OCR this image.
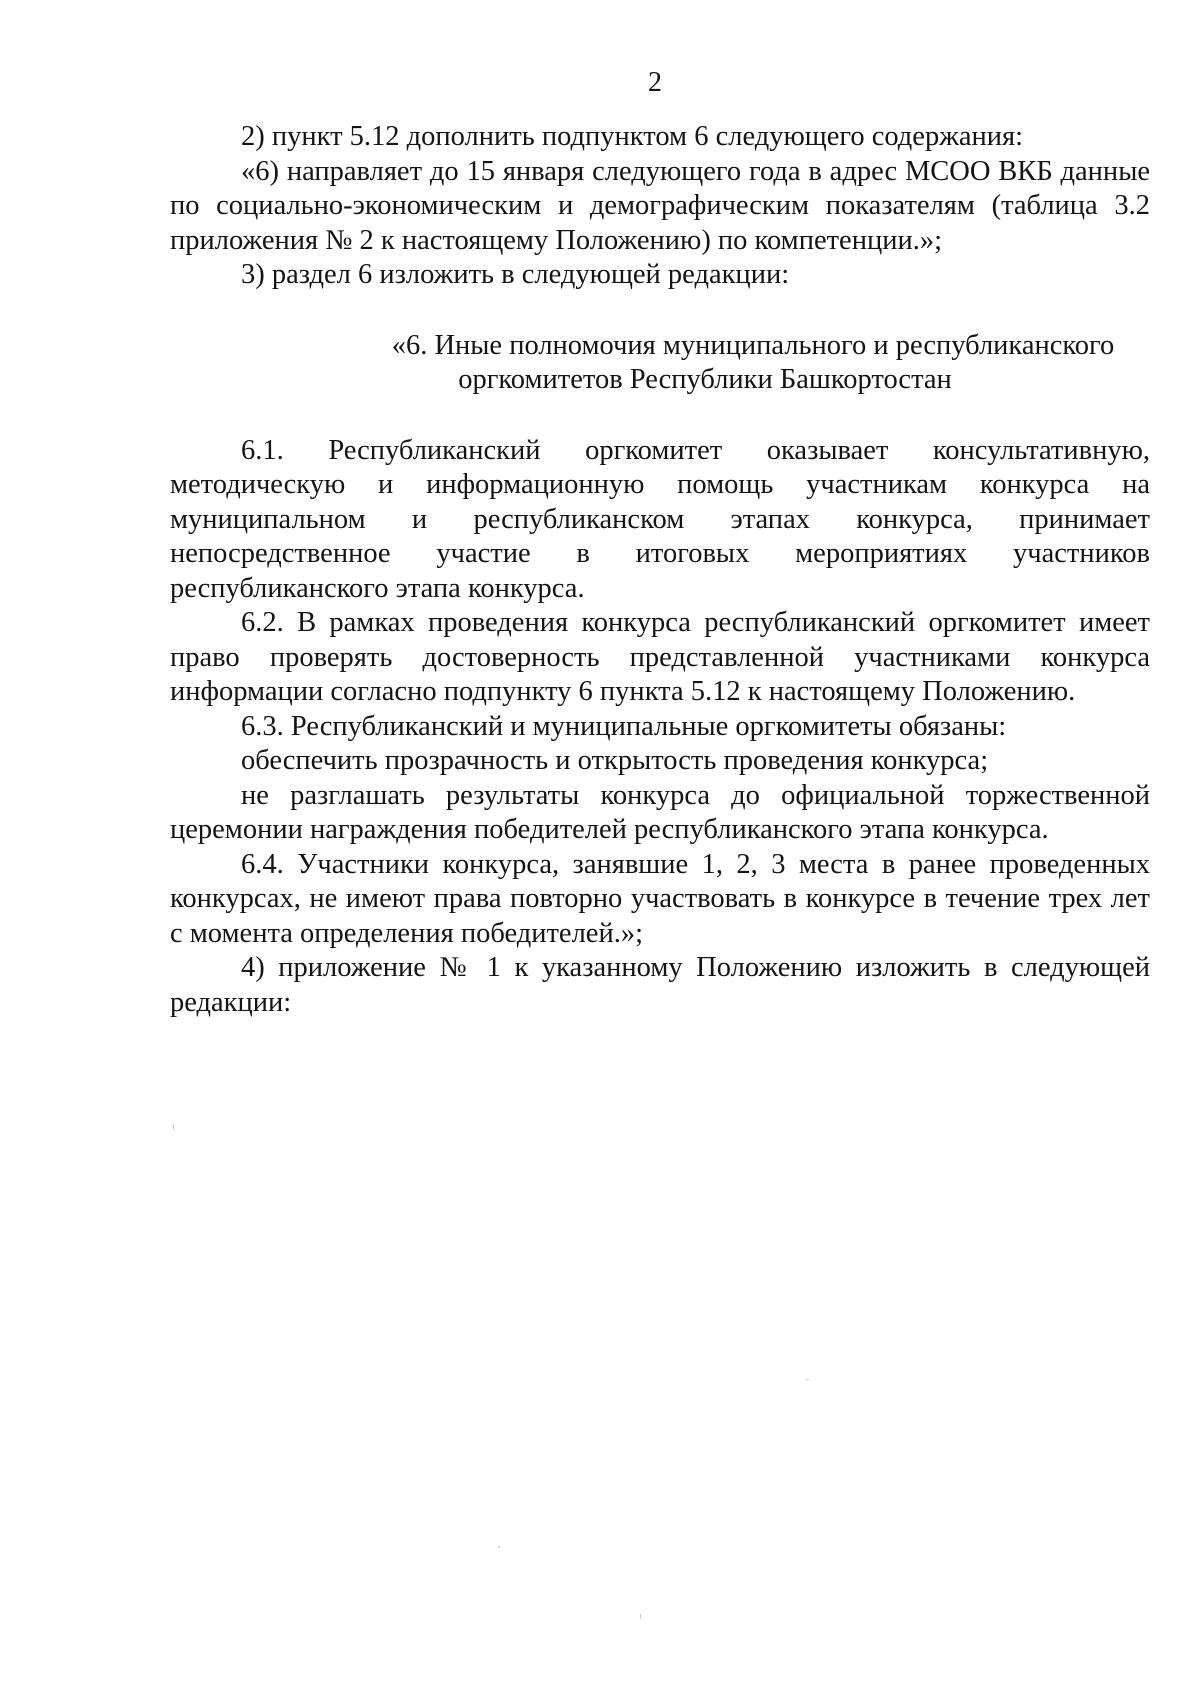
2

2) пункт 5.12 дополнить подпунктом 6 следующего содержания:

«6) направляет до 15 января следующего года в адрес МСОО ВКБ данные по социально-экономическим и демографическим показателям (таблица 3.2 приложения № 2 к настоящему Положению) по компетенции.»;

3) раздел 6 изложить в следующей редакции:

«6. Иные полномочия муниципального и республиканского
оргкомитетов Республики Башкортостан

6.1. Республиканский оргкомитет оказывает консультативную, методическую и информационную помощь участникам конкурса на муниципальном и республиканском этапах конкурса, принимает непосредственное участие в итоговых мероприятиях участников республиканского этапа конкурса.

6.2. В рамках проведения конкурса республиканский оргкомитет имеет право проверять достоверность представленной участниками конкурса информации согласно подпункту 6 пункта 5.12 к настоящему Положению.

6.3. Республиканский и муниципальные оргкомитеты обязаны:

обеспечить прозрачность и открытость проведения конкурса;

не разглашать результаты конкурса до официальной торжественной церемонии награждения победителей республиканского этапа конкурса.

6.4. Участники конкурса, занявшие 1, 2, 3 места в ранее проведенных конкурсах, не имеют права повторно участвовать в конкурсе в течение трех лет с момента определения победителей.»;

4) приложение № 1 к указанному Положению изложить в следующей редакции:
